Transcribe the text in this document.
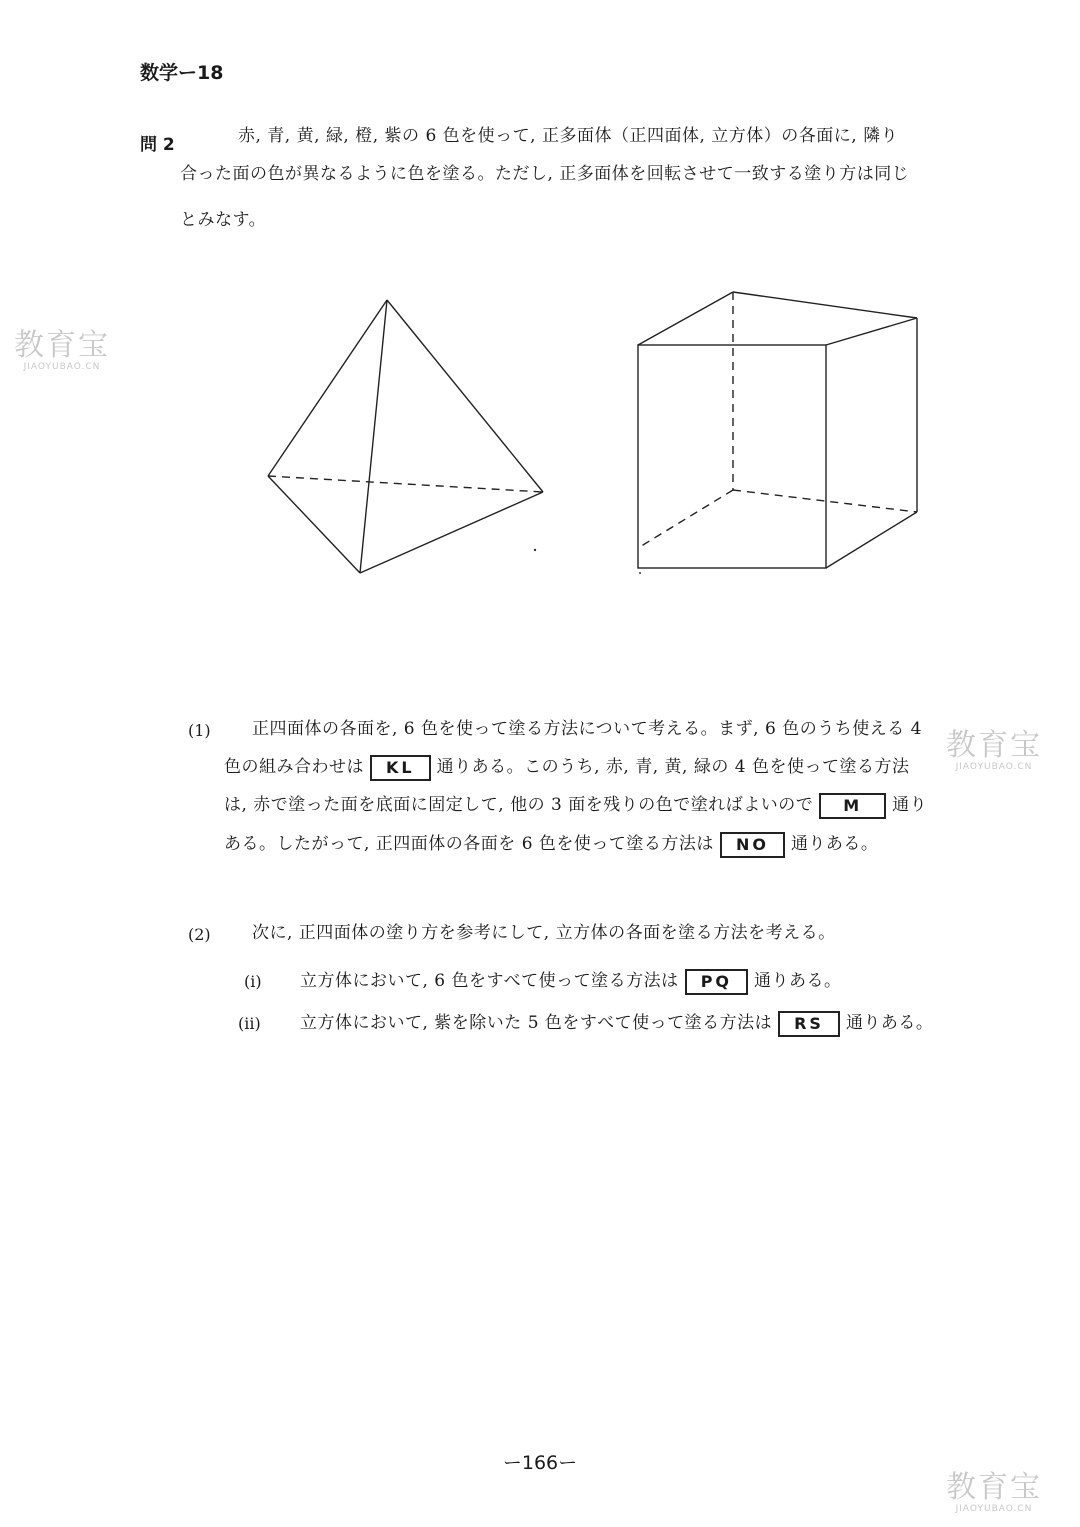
数学ー18
問 2	赤, 青, 黄, 緑, 橙, 紫の 6 色を使って, 正多面体（正四面体, 立方体）の各面に, 隣り
合った面の色が異なるように色を塗る。ただし, 正多面体を回転させて一致する塗り方は同じ
とみなす。
(1) 正四面体の各面を, 6 色を使って塗る方法について考える。まず, 6 色のうち使える 4
色の組み合わせは KL 通りある。このうち, 赤, 青, 黄, 緑の 4 色を使って塗る方法
は, 赤で塗った面を底面に固定して, 他の 3 面を残りの色で塗ればよいので M 通り
ある。したがって, 正四面体の各面を 6 色を使って塗る方法は NO 通りある。
(2) 次に, 正四面体の塗り方を参考にして, 立方体の各面を塗る方法を考える。
(i) 立方体において, 6 色をすべて使って塗る方法は PQ 通りある。
(ii) 立方体において, 紫を除いた 5 色をすべて使って塗る方法は RS 通りある。
ー166ー
教育宝
JIAOYUBAO.CN
教育宝
JIAOYUBAO.CN
教育宝
JIAOYUBAO.CN
